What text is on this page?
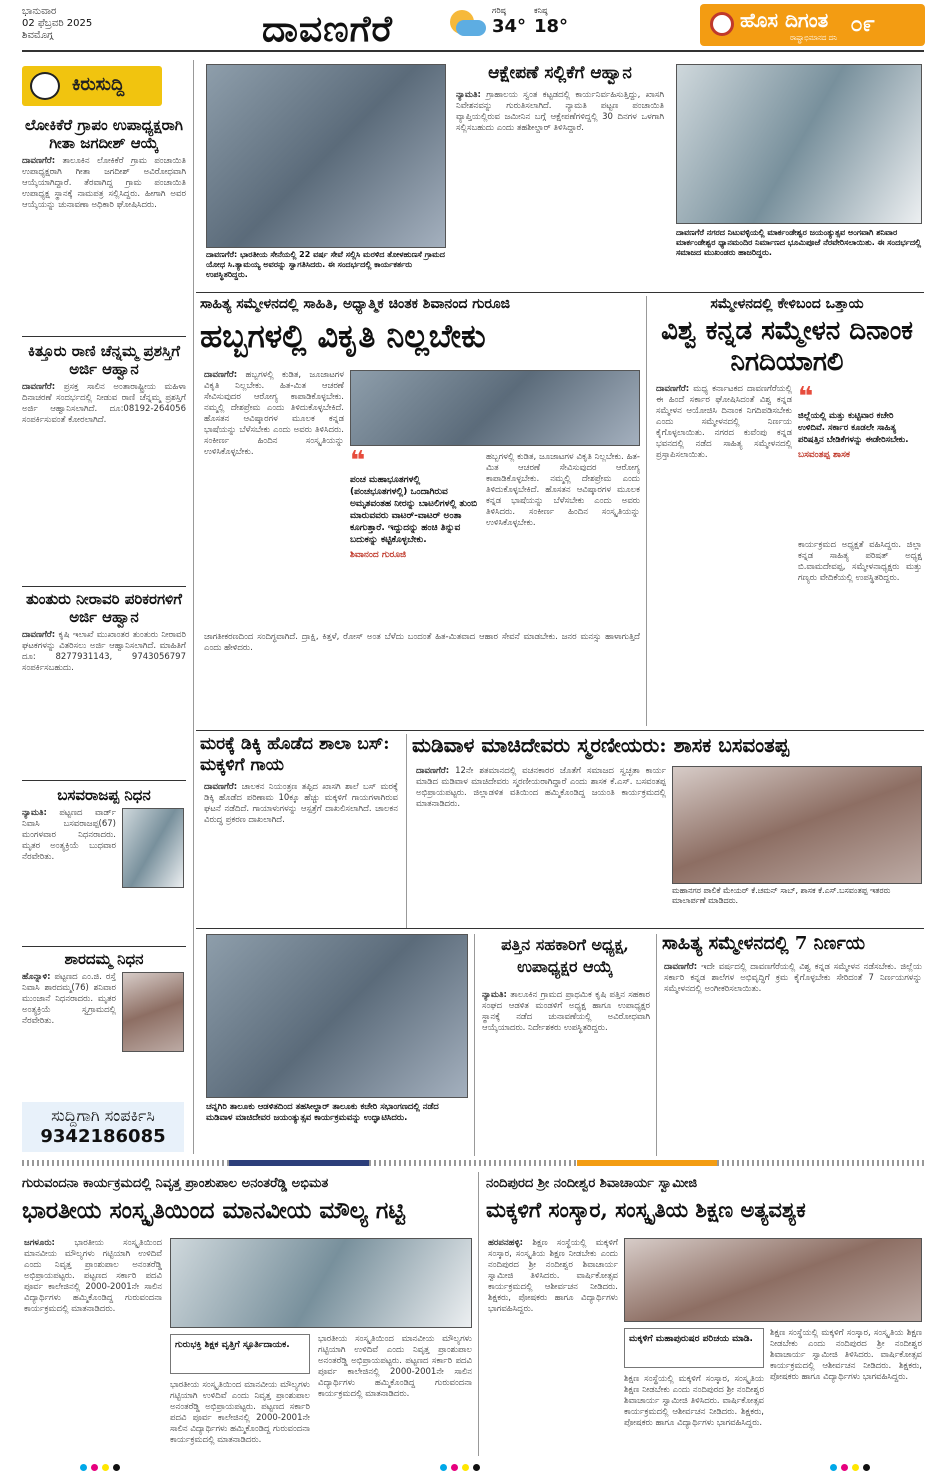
ಭಾನುವಾರ
02 ಫೆಬ್ರವರಿ 2025
ಶಿವಮೊಗ್ಗ	ದಾವಣಗೆರೆ	ಗರಿಷ್ಠ
34°
ಕನಿಷ್ಠ
18°	ಹೊಸ ದಿಗಂತ
ರಾಷ್ಟ್ರಾಭಿಮಾನದ ದನಿ
೦೯
ಕಿರುಸುದ್ದಿ
ಲೋಕಿಕೆರೆ ಗ್ರಾಪಂ ಉಪಾಧ್ಯಕ್ಷರಾಗಿ ಗೀತಾ ಜಗದೀಶ್ ಆಯ್ಕೆ
ದಾವಣಗೆರೆ: ತಾಲೂಕಿನ ಲೋಕಿಕೆರೆ ಗ್ರಾಮ ಪಂಚಾಯಿತಿ ಉಪಾಧ್ಯಕ್ಷರಾಗಿ ಗೀತಾ ಜಗದೀಶ್ ಅವಿರೋಧವಾಗಿ ಆಯ್ಕೆಯಾಗಿದ್ದಾರೆ. ತೆರವಾಗಿದ್ದ ಗ್ರಾಮ ಪಂಚಾಯಿತಿ ಉಪಾಧ್ಯಕ್ಷ ಸ್ಥಾನಕ್ಕೆ ನಾಮಪತ್ರ ಸಲ್ಲಿಸಿದ್ದರು. ಹೀಗಾಗಿ ಅವರ ಆಯ್ಕೆಯನ್ನು ಚುನಾವಣಾ ಅಧಿಕಾರಿ ಘೋಷಿಸಿದರು.
ಕಿತ್ತೂರು ರಾಣಿ ಚೆನ್ನಮ್ಮ ಪ್ರಶಸ್ತಿಗೆ ಅರ್ಜಿ ಆಹ್ವಾನ
ದಾವಣಗೆರೆ: ಪ್ರಸಕ್ತ ಸಾಲಿನ ಅಂತಾರಾಷ್ಟ್ರೀಯ ಮಹಿಳಾ ದಿನಾಚರಣೆ ಸಂದರ್ಭದಲ್ಲಿ ನೀಡುವ ರಾಣಿ ಚೆನ್ನಮ್ಮ ಪ್ರಶಸ್ತಿಗೆ ಅರ್ಜಿ ಆಹ್ವಾನಿಸಲಾಗಿದೆ. ದೂ:08192-264056 ಸಂಪರ್ಕಿಸುವಂತೆ ಕೋರಲಾಗಿದೆ.
ತುಂತುರು ನೀರಾವರಿ ಪರಿಕರಗಳಿಗೆ ಅರ್ಜಿ ಆಹ್ವಾನ
ದಾವಣಗೆರೆ: ಕೃಷಿ ಇಲಾಖೆ ಮುಖಾಂತರ ತುಂತುರು ನೀರಾವರಿ ಘಟಕಗಳನ್ನು ವಿತರಿಸಲು ಅರ್ಜಿ ಆಹ್ವಾನಿಸಲಾಗಿದೆ. ಮಾಹಿತಿಗೆ ದೂ: 8277931143, 9743056797 ಸಂಪರ್ಕಿಸಬಹುದು.
ಬಸವರಾಜಪ್ಪ ನಿಧನ
ನ್ಯಾಮತಿ: ಪಟ್ಟಣದ ವಾರ್ಡ್ ನಿವಾಸಿ ಬಸವರಾಜಪ್ಪ(67) ಮಂಗಳವಾರ ನಿಧನರಾದರು. ಮೃತರ ಅಂತ್ಯಕ್ರಿಯೆ ಬುಧವಾರ ನೆರವೇರಿತು.
ಶಾರದಮ್ಮ ನಿಧನ
ಹೊನ್ನಾಳಿ: ಪಟ್ಟಣದ ಎಂ.ಜಿ. ರಸ್ತೆ ನಿವಾಸಿ ಶಾರದಮ್ಮ(76) ಶನಿವಾರ ಮುಂಜಾನೆ ನಿಧನರಾದರು. ಮೃತರ ಅಂತ್ಯಕ್ರಿಯೆ ಸ್ವಗ್ರಾಮದಲ್ಲಿ ನೆರವೇರಿತು.
ಸುದ್ದಿಗಾಗಿ ಸಂಪರ್ಕಿಸಿ
9342186085
ದಾವಣಗೆರೆ: ಭಾರತೀಯ ಸೇನೆಯಲ್ಲಿ 22 ವರ್ಷ ಸೇವೆ ಸಲ್ಲಿಸಿ ಮರಳಿದ ತೋಳಹುಣಸೆ ಗ್ರಾಮದ ಯೋಧ ಸಿ.ತ್ಯಾಮಯ್ಯ ಅವರನ್ನು ಸ್ವಾಗತಿಸಿದರು. ಈ ಸಂದರ್ಭದಲ್ಲಿ ಕಾರ್ಯಕರ್ತರು ಉಪಸ್ಥಿತರಿದ್ದರು.
ಆಕ್ಷೇಪಣೆ ಸಲ್ಲಿಕೆಗೆ ಆಹ್ವಾನ
ನ್ಯಾಮತಿ: ಗ್ರಾಹಾಲಯ ಸ್ವಂತ ಕಟ್ಟಡದಲ್ಲಿ ಕಾರ್ಯನಿರ್ವಹಿಸುತ್ತಿದ್ದು, ಖಾಸಗಿ ನಿವೇಶನವನ್ನು ಗುರುತಿಸಲಾಗಿದೆ. ನ್ಯಾಮತಿ ಪಟ್ಟಣ ಪಂಚಾಯಿತಿ ವ್ಯಾಪ್ತಿಯಲ್ಲಿರುವ ಜಮೀನಿನ ಬಗ್ಗೆ ಆಕ್ಷೇಪಣೆಗಳಿದ್ದಲ್ಲಿ 30 ದಿನಗಳ ಒಳಗಾಗಿ ಸಲ್ಲಿಸಬಹುದು ಎಂದು ತಹಶೀಲ್ದಾರ್ ತಿಳಿಸಿದ್ದಾರೆ.
ದಾವಣಗೆರೆ ನಗರದ ನಿಟುವಳ್ಳಿಯಲ್ಲಿ ಮಾರ್ಕಂಡೇಶ್ವರ ಜಯಂತ್ಯುತ್ಸವ ಅಂಗವಾಗಿ ಶನಿವಾರ ಮಾರ್ಕಂಡೇಶ್ವರ ಧ್ಯಾನಮಂದಿರ ನಿರ್ಮಾಣದ ಭೂಮಿಪೂಜೆ ನೆರವೇರಿಸಲಾಯಿತು. ಈ ಸಂದರ್ಭದಲ್ಲಿ ಸಮಾಜದ ಮುಖಂಡರು ಹಾಜರಿದ್ದರು.
ಸಾಹಿತ್ಯ ಸಮ್ಮೇಳನದಲ್ಲಿ ಸಾಹಿತಿ, ಅಧ್ಯಾತ್ಮಿಕ ಚಿಂತಕ ಶಿವಾನಂದ ಗುರೂಜಿ
ಹಬ್ಬಗಳಲ್ಲಿ ವಿಕೃತಿ ನಿಲ್ಲಬೇಕು
ದಾವಣಗೆರೆ: ಹಬ್ಬಗಳಲ್ಲಿ ಕುಡಿತ, ಜೂಜಾಟಗಳ ವಿಕೃತಿ ನಿಲ್ಲಬೇಕು. ಹಿತ-ಮಿತ ಆಚರಣೆ ಸೇವಿಸುವುದರ ಆರೋಗ್ಯ ಕಾಪಾಡಿಕೊಳ್ಳಬೇಕು. ನಮ್ಮಲ್ಲಿ ದೇಶಪ್ರೇಮ ಎಂದು ತಿಳಿದುಕೊಳ್ಳಬೇಕಿದೆ. ಹೊಸತನ ಆವಿಷ್ಕಾರಗಳ ಮೂಲಕ ಕನ್ನಡ ಭಾಷೆಯನ್ನು ಬೆಳೆಸಬೇಕು ಎಂದು ಅವರು ತಿಳಿಸಿದರು. ಸಂಕೀರ್ಣ ಹಿಂದಿನ ಸಂಸ್ಕೃತಿಯನ್ನು ಉಳಿಸಿಕೊಳ್ಳಬೇಕು.	❝
ಪಂಚ ಮಹಾಭೂತಗಳಲ್ಲಿ (ಪಂಚಭೂತಗಳಲ್ಲಿ) ಒಂದಾಗಿರುವ ಅಮೃತವಂತಹ ನೀರನ್ನು ಬಾಟಲಿಗಳಲ್ಲಿ ತುಂಬಿ ಮಾರುವವರು ವಾಟರ್-ವಾಟರ್ ಅಂತಾ ಕೂಗುತ್ತಾರೆ. ಇದ್ದುದನ್ನು ಹಂಚಿ ತಿನ್ನುವ ಬದುಕನ್ನು ಕಟ್ಟಿಕೊಳ್ಳಬೇಕು.
ಶಿವಾನಂದ ಗುರೂಜಿ
ಹಬ್ಬಗಳಲ್ಲಿ ಕುಡಿತ, ಜೂಜಾಟಗಳ ವಿಕೃತಿ ನಿಲ್ಲಬೇಕು. ಹಿತ-ಮಿತ ಆಚರಣೆ ಸೇವಿಸುವುದರ ಆರೋಗ್ಯ ಕಾಪಾಡಿಕೊಳ್ಳಬೇಕು. ನಮ್ಮಲ್ಲಿ ದೇಶಪ್ರೇಮ ಎಂದು ತಿಳಿದುಕೊಳ್ಳಬೇಕಿದೆ. ಹೊಸತನ ಆವಿಷ್ಕಾರಗಳ ಮೂಲಕ ಕನ್ನಡ ಭಾಷೆಯನ್ನು ಬೆಳೆಸಬೇಕು ಎಂದು ಅವರು ತಿಳಿಸಿದರು. ಸಂಕೀರ್ಣ ಹಿಂದಿನ ಸಂಸ್ಕೃತಿಯನ್ನು ಉಳಿಸಿಕೊಳ್ಳಬೇಕು.
ಜಾಗತೀಕರಣದಿಂದ ಸಂದಿಗ್ಧವಾಗಿದೆ. ದ್ರಾಕ್ಷಿ, ಕಿತ್ತಳೆ, ರೋಸ್ ಅಂತ ಬೆಳೆದು ಬಂದಂತೆ ಹಿತ-ಮಿತವಾದ ಆಹಾರ ಸೇವನೆ ಮಾಡಬೇಕು. ಜನರ ಮನಸ್ಸು ಹಾಳಾಗುತ್ತಿದೆ ಎಂದು ಹೇಳಿದರು.
ಸಮ್ಮೇಳನದಲ್ಲಿ ಕೇಳಿಬಂದ ಒತ್ತಾಯ
ವಿಶ್ವ ಕನ್ನಡ ಸಮ್ಮೇಳನ ದಿನಾಂಕ ನಿಗದಿಯಾಗಲಿ
ದಾವಣಗೆರೆ: ಮಧ್ಯ ಕರ್ನಾಟಕದ ದಾವಣಗೆರೆಯಲ್ಲಿ ಈ ಹಿಂದೆ ಸರ್ಕಾರ ಘೋಷಿಸಿದಂತೆ ವಿಶ್ವ ಕನ್ನಡ ಸಮ್ಮೇಳನ ಆಯೋಜಿಸಿ ದಿನಾಂಕ ನಿಗದಿಪಡಿಸಬೇಕು ಎಂದು ಸಮ್ಮೇಳನದಲ್ಲಿ ನಿರ್ಣಯ ಕೈಗೊಳ್ಳಲಾಯಿತು. ನಗರದ ಕುವೆಂಪು ಕನ್ನಡ ಭವನದಲ್ಲಿ ನಡೆದ ಸಾಹಿತ್ಯ ಸಮ್ಮೇಳನದಲ್ಲಿ ಪ್ರಸ್ತಾಪಿಸಲಾಯಿತು.
❝
ಜಿಲ್ಲೆಯಲ್ಲಿ ಮತ್ತು ಕುಟ್ಟಿವಾರ ಕಚೇರಿ ಉಳಿದಿವೆ. ಸರ್ಕಾರ ಕೂಡಲೇ ಸಾಹಿತ್ಯ ಪರಿಷತ್ತಿನ ಬೇಡಿಕೆಗಳನ್ನು ಈಡೇರಿಸಬೇಕು.
ಬಸವಂತಪ್ಪ ಶಾಸಕ
ಕಾರ್ಯಕ್ರಮದ ಅಧ್ಯಕ್ಷತೆ ವಹಿಸಿದ್ದರು. ಜಿಲ್ಲಾ ಕನ್ನಡ ಸಾಹಿತ್ಯ ಪರಿಷತ್ ಅಧ್ಯಕ್ಷ ಬಿ.ವಾಮದೇವಪ್ಪ, ಸಮ್ಮೇಳನಾಧ್ಯಕ್ಷರು ಮತ್ತು ಗಣ್ಯರು ವೇದಿಕೆಯಲ್ಲಿ ಉಪಸ್ಥಿತರಿದ್ದರು.
ಮರಕ್ಕೆ ಡಿಕ್ಕಿ ಹೊಡೆದ ಶಾಲಾ ಬಸ್: ಮಕ್ಕಳಿಗೆ ಗಾಯ
ದಾವಣಗೆರೆ: ಚಾಲಕನ ನಿಯಂತ್ರಣ ತಪ್ಪಿದ ಖಾಸಗಿ ಶಾಲೆ ಬಸ್ ಮರಕ್ಕೆ ಡಿಕ್ಕಿ ಹೊಡೆದ ಪರಿಣಾಮ 10ಕ್ಕೂ ಹೆಚ್ಚು ಮಕ್ಕಳಿಗೆ ಗಾಯಗಳಾಗಿರುವ ಘಟನೆ ನಡೆದಿದೆ. ಗಾಯಾಳುಗಳನ್ನು ಆಸ್ಪತ್ರೆಗೆ ದಾಖಲಿಸಲಾಗಿದೆ. ಚಾಲಕನ ವಿರುದ್ಧ ಪ್ರಕರಣ ದಾಖಲಾಗಿದೆ.
ಮಡಿವಾಳ ಮಾಚಿದೇವರು ಸ್ಮರಣೀಯರು: ಶಾಸಕ ಬಸವಂತಪ್ಪ
ದಾವಣಗೆರೆ: 12ನೇ ಶತಮಾನದಲ್ಲಿ ವಚನಕಾರರ ಜೊತೆಗೆ ಸಮಾಜದ ಸ್ವಚ್ಛತಾ ಕಾರ್ಯ ಮಾಡಿದ ಮಡಿವಾಳ ಮಾಚಿದೇವರು ಸ್ಮರಣೀಯರಾಗಿದ್ದಾರೆ ಎಂದು ಶಾಸಕ ಕೆ.ಎಸ್. ಬಸವಂತಪ್ಪ ಅಭಿಪ್ರಾಯಪಟ್ಟರು. ಜಿಲ್ಲಾಡಳಿತ ವತಿಯಿಂದ ಹಮ್ಮಿಕೊಂಡಿದ್ದ ಜಯಂತಿ ಕಾರ್ಯಕ್ರಮದಲ್ಲಿ ಮಾತನಾಡಿದರು.
ಮಹಾನಗರ ಪಾಲಿಕೆ ಮೇಯರ್ ಕೆ.ಚಮನ್ ಸಾಬ್, ಶಾಸಕ ಕೆ.ಎಸ್.ಬಸವಂತಪ್ಪ ಇತರರು ಮಾಲಾರ್ಪಣೆ ಮಾಡಿದರು.
ಚನ್ನಗಿರಿ ತಾಲೂಕು ಆಡಳಿತದಿಂದ ತಹಸೀಲ್ದಾರ್ ತಾಲೂಕು ಕಚೇರಿ ಸಭಾಂಗಣದಲ್ಲಿ ನಡೆದ ಮಡಿವಾಳ ಮಾಚಿದೇವರ ಜಯಂತ್ಯುತ್ಸವ ಕಾರ್ಯಕ್ರಮವನ್ನು ಉದ್ಘಾಟಿಸಿದರು.
ಪತ್ತಿನ ಸಹಕಾರಿಗೆ ಅಧ್ಯಕ್ಷ, ಉಪಾಧ್ಯಕ್ಷರ ಆಯ್ಕೆ
ನ್ಯಾಮತಿ: ತಾಲೂಕಿನ ಗ್ರಾಮದ ಪ್ರಾಥಮಿಕ ಕೃಷಿ ಪತ್ತಿನ ಸಹಕಾರ ಸಂಘದ ಆಡಳಿತ ಮಂಡಳಿಗೆ ಅಧ್ಯಕ್ಷ ಹಾಗೂ ಉಪಾಧ್ಯಕ್ಷರ ಸ್ಥಾನಕ್ಕೆ ನಡೆದ ಚುನಾವಣೆಯಲ್ಲಿ ಅವಿರೋಧವಾಗಿ ಆಯ್ಕೆಯಾದರು. ನಿರ್ದೇಶಕರು ಉಪಸ್ಥಿತರಿದ್ದರು.
ಸಾಹಿತ್ಯ ಸಮ್ಮೇಳನದಲ್ಲಿ 7 ನಿರ್ಣಯ
ದಾವಣಗೆರೆ: ಇದೇ ವರ್ಷದಲ್ಲಿ ದಾವಣಗೆರೆಯಲ್ಲಿ ವಿಶ್ವ ಕನ್ನಡ ಸಮ್ಮೇಳನ ನಡೆಸಬೇಕು. ಜಿಲ್ಲೆಯ ಸರ್ಕಾರಿ ಕನ್ನಡ ಶಾಲೆಗಳ ಅಭಿವೃದ್ಧಿಗೆ ಕ್ರಮ ಕೈಗೊಳ್ಳಬೇಕು ಸೇರಿದಂತೆ 7 ನಿರ್ಣಯಗಳನ್ನು ಸಮ್ಮೇಳನದಲ್ಲಿ ಅಂಗೀಕರಿಸಲಾಯಿತು.
ಗುರುವಂದನಾ ಕಾರ್ಯಕ್ರಮದಲ್ಲಿ ನಿವೃತ್ತ ಪ್ರಾಂಶುಪಾಲ ಅನಂತರೆಡ್ಡಿ ಅಭಿಮತ
ಭಾರತೀಯ ಸಂಸ್ಕೃತಿಯಿಂದ ಮಾನವೀಯ ಮೌಲ್ಯ ಗಟ್ಟಿ
ಜಗಳೂರು: ಭಾರತೀಯ ಸಂಸ್ಕೃತಿಯಿಂದ ಮಾನವೀಯ ಮೌಲ್ಯಗಳು ಗಟ್ಟಿಯಾಗಿ ಉಳಿದಿವೆ ಎಂದು ನಿವೃತ್ತ ಪ್ರಾಂಶುಪಾಲ ಅನಂತರೆಡ್ಡಿ ಅಭಿಪ್ರಾಯಪಟ್ಟರು. ಪಟ್ಟಣದ ಸರ್ಕಾರಿ ಪದವಿ ಪೂರ್ವ ಕಾಲೇಜಿನಲ್ಲಿ 2000-2001ನೇ ಸಾಲಿನ ವಿದ್ಯಾರ್ಥಿಗಳು ಹಮ್ಮಿಕೊಂಡಿದ್ದ ಗುರುವಂದನಾ ಕಾರ್ಯಕ್ರಮದಲ್ಲಿ ಮಾತನಾಡಿದರು.
ಗುರುಭಕ್ತಿ ಶಿಕ್ಷಕ ವೃತ್ತಿಗೆ ಸ್ಫೂರ್ತಿದಾಯಕ.
ಭಾರತೀಯ ಸಂಸ್ಕೃತಿಯಿಂದ ಮಾನವೀಯ ಮೌಲ್ಯಗಳು ಗಟ್ಟಿಯಾಗಿ ಉಳಿದಿವೆ ಎಂದು ನಿವೃತ್ತ ಪ್ರಾಂಶುಪಾಲ ಅನಂತರೆಡ್ಡಿ ಅಭಿಪ್ರಾಯಪಟ್ಟರು. ಪಟ್ಟಣದ ಸರ್ಕಾರಿ ಪದವಿ ಪೂರ್ವ ಕಾಲೇಜಿನಲ್ಲಿ 2000-2001ನೇ ಸಾಲಿನ ವಿದ್ಯಾರ್ಥಿಗಳು ಹಮ್ಮಿಕೊಂಡಿದ್ದ ಗುರುವಂದನಾ ಕಾರ್ಯಕ್ರಮದಲ್ಲಿ ಮಾತನಾಡಿದರು.
ಭಾರತೀಯ ಸಂಸ್ಕೃತಿಯಿಂದ ಮಾನವೀಯ ಮೌಲ್ಯಗಳು ಗಟ್ಟಿಯಾಗಿ ಉಳಿದಿವೆ ಎಂದು ನಿವೃತ್ತ ಪ್ರಾಂಶುಪಾಲ ಅನಂತರೆಡ್ಡಿ ಅಭಿಪ್ರಾಯಪಟ್ಟರು. ಪಟ್ಟಣದ ಸರ್ಕಾರಿ ಪದವಿ ಪೂರ್ವ ಕಾಲೇಜಿನಲ್ಲಿ 2000-2001ನೇ ಸಾಲಿನ ವಿದ್ಯಾರ್ಥಿಗಳು ಹಮ್ಮಿಕೊಂಡಿದ್ದ ಗುರುವಂದನಾ ಕಾರ್ಯಕ್ರಮದಲ್ಲಿ ಮಾತನಾಡಿದರು.
ನಂದಿಪುರದ ಶ್ರೀ ನಂದೀಶ್ವರ ಶಿವಾಚಾರ್ಯ ಸ್ವಾಮೀಜಿ
ಮಕ್ಕಳಿಗೆ ಸಂಸ್ಕಾರ, ಸಂಸ್ಕೃತಿಯ ಶಿಕ್ಷಣ ಅತ್ಯವಶ್ಯಕ
ಹರಪನಹಳ್ಳಿ: ಶಿಕ್ಷಣ ಸಂಸ್ಥೆಯಲ್ಲಿ ಮಕ್ಕಳಿಗೆ ಸಂಸ್ಕಾರ, ಸಂಸ್ಕೃತಿಯ ಶಿಕ್ಷಣ ನೀಡಬೇಕು ಎಂದು ನಂದಿಪುರದ ಶ್ರೀ ನಂದೀಶ್ವರ ಶಿವಾಚಾರ್ಯ ಸ್ವಾಮೀಜಿ ತಿಳಿಸಿದರು. ವಾರ್ಷಿಕೋತ್ಸವ ಕಾರ್ಯಕ್ರಮದಲ್ಲಿ ಆಶೀರ್ವಚನ ನೀಡಿದರು. ಶಿಕ್ಷಕರು, ಪೋಷಕರು ಹಾಗೂ ವಿದ್ಯಾರ್ಥಿಗಳು ಭಾಗವಹಿಸಿದ್ದರು.
ಮಕ್ಕಳಿಗೆ ಮಹಾಪುರುಷರ ಪರಿಚಯ ಮಾಡಿ.
ಶಿಕ್ಷಣ ಸಂಸ್ಥೆಯಲ್ಲಿ ಮಕ್ಕಳಿಗೆ ಸಂಸ್ಕಾರ, ಸಂಸ್ಕೃತಿಯ ಶಿಕ್ಷಣ ನೀಡಬೇಕು ಎಂದು ನಂದಿಪುರದ ಶ್ರೀ ನಂದೀಶ್ವರ ಶಿವಾಚಾರ್ಯ ಸ್ವಾಮೀಜಿ ತಿಳಿಸಿದರು. ವಾರ್ಷಿಕೋತ್ಸವ ಕಾರ್ಯಕ್ರಮದಲ್ಲಿ ಆಶೀರ್ವಚನ ನೀಡಿದರು. ಶಿಕ್ಷಕರು, ಪೋಷಕರು ಹಾಗೂ ವಿದ್ಯಾರ್ಥಿಗಳು ಭಾಗವಹಿಸಿದ್ದರು.
ಶಿಕ್ಷಣ ಸಂಸ್ಥೆಯಲ್ಲಿ ಮಕ್ಕಳಿಗೆ ಸಂಸ್ಕಾರ, ಸಂಸ್ಕೃತಿಯ ಶಿಕ್ಷಣ ನೀಡಬೇಕು ಎಂದು ನಂದಿಪುರದ ಶ್ರೀ ನಂದೀಶ್ವರ ಶಿವಾಚಾರ್ಯ ಸ್ವಾಮೀಜಿ ತಿಳಿಸಿದರು. ವಾರ್ಷಿಕೋತ್ಸವ ಕಾರ್ಯಕ್ರಮದಲ್ಲಿ ಆಶೀರ್ವಚನ ನೀಡಿದರು. ಶಿಕ್ಷಕರು, ಪೋಷಕರು ಹಾಗೂ ವಿದ್ಯಾರ್ಥಿಗಳು ಭಾಗವಹಿಸಿದ್ದರು.
